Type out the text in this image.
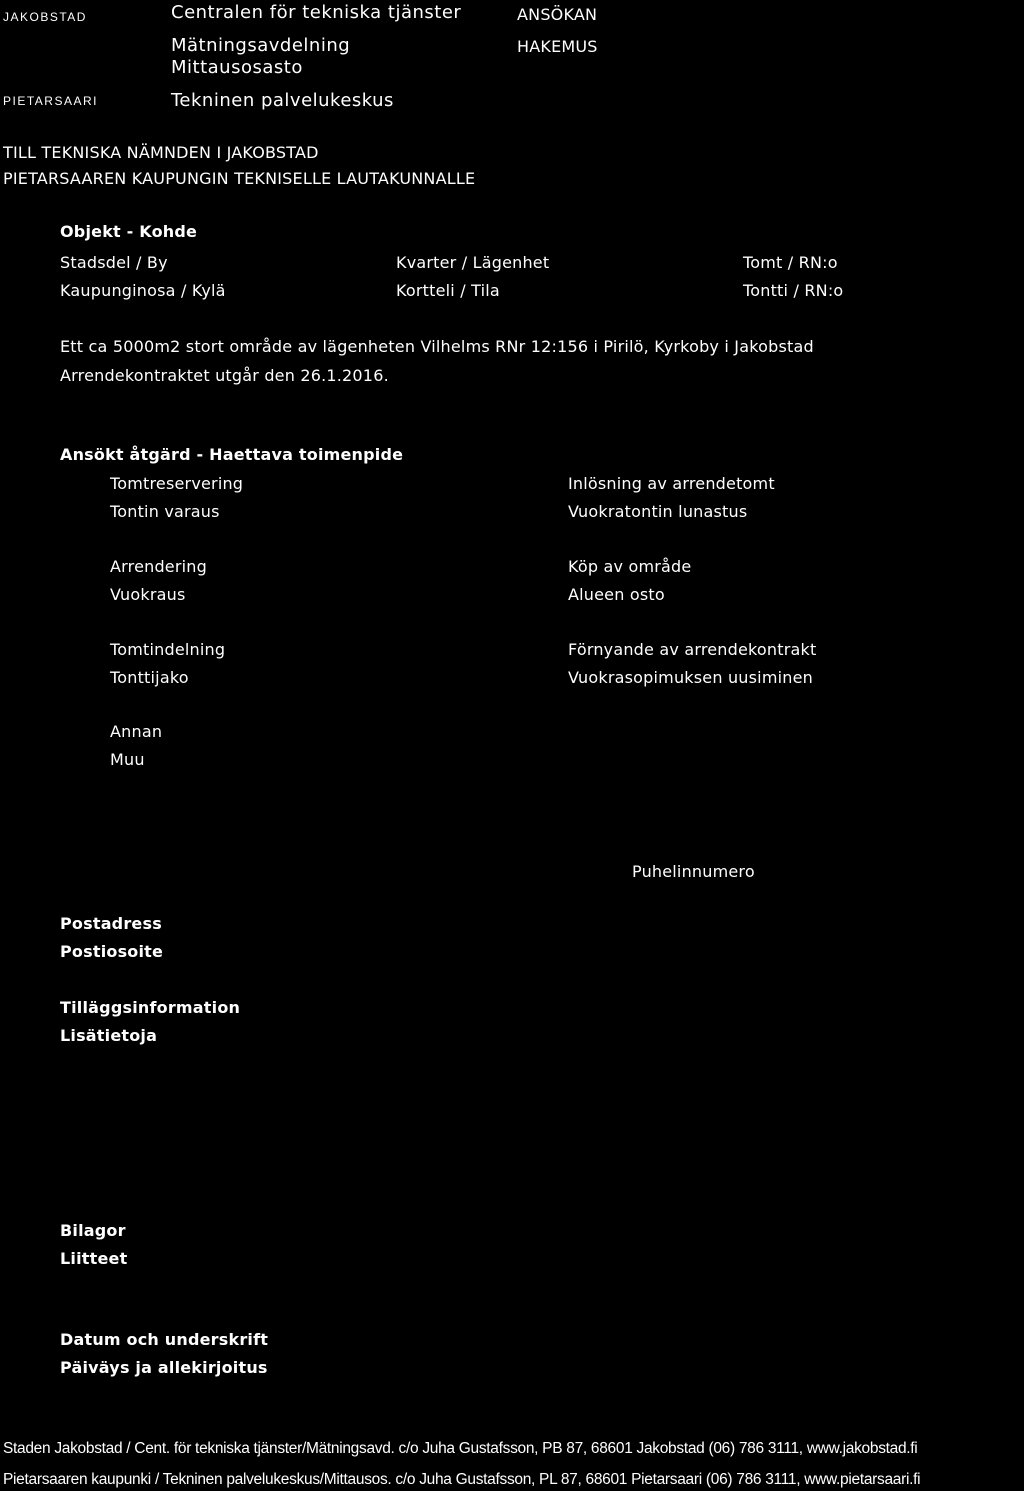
JAKOBSTAD
PIETARSAARI
Centralen för tekniska tjänster
Mätningsavdelning
Mittausosasto
Tekninen palvelukeskus
ANSÖKAN
HAKEMUS
TILL TEKNISKA NÄMNDEN I JAKOBSTAD
PIETARSAAREN KAUPUNGIN TEKNISELLE LAUTAKUNNALLE
Objekt - Kohde
Stadsdel / By
Kaupunginosa / Kylä
Kvarter / Lägenhet
Kortteli / Tila
Tomt / RN:o
Tontti / RN:o
Ett ca 5000m2 stort område av lägenheten Vilhelms RNr 12:156 i Pirilö, Kyrkoby i Jakobstad
Arrendekontraktet utgår den 26.1.2016.
Ansökt åtgärd - Haettava toimenpide
Tomtreservering
Tontin varaus
Inlösning av arrendetomt
Vuokratontin lunastus
Arrendering
Vuokraus
Köp av område
Alueen osto
Tomtindelning
Tonttijako
Förnyande av arrendekontrakt
Vuokrasopimuksen uusiminen
Annan
Muu
Puhelinnumero
Postadress
Postiosoite
Tilläggsinformation
Lisätietoja
Bilagor
Liitteet
Datum och underskrift
Päiväys ja allekirjoitus
Staden Jakobstad / Cent. för tekniska tjänster/Mätningsavd. c/o Juha Gustafsson, PB 87, 68601 Jakobstad (06) 786 3111, www.jakobstad.fi
Pietarsaaren kaupunki / Tekninen palvelukeskus/Mittausos. c/o Juha Gustafsson, PL 87, 68601 Pietarsaari (06) 786 3111, www.pietarsaari.fi
